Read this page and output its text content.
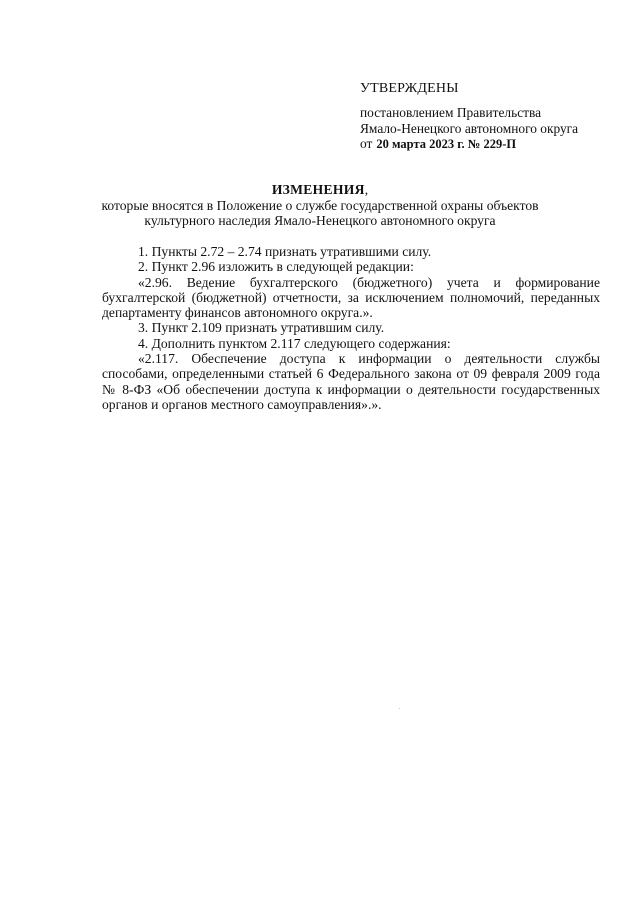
УТВЕРЖДЕНЫ
постановлением Правительства
Ямало-Ненецкого автономного округа
от 20 марта 2023 г. № 229-П
ИЗМЕНЕНИЯ,
которые вносятся в Положение о службе государственной охраны объектов
культурного наследия Ямало-Ненецкого автономного округа

1. Пункты 2.72 – 2.74 признать утратившими силу.

2. Пункт 2.96 изложить в следующей редакции:

«2.96. Ведение бухгалтерского (бюджетного) учета и формирование бухгалтерской (бюджетной) отчетности, за исключением полномочий, переданных департаменту финансов автономного округа.».

3. Пункт 2.109 признать утратившим силу.

4. Дополнить пунктом 2.117 следующего содержания:

«2.117. Обеспечение доступа к информации о деятельности службы способами, определенными статьей 6 Федерального закона от 09 февраля 2009 года № 8-ФЗ «Об обеспечении доступа к информации о деятельности государственных органов и органов местного самоуправления».».
